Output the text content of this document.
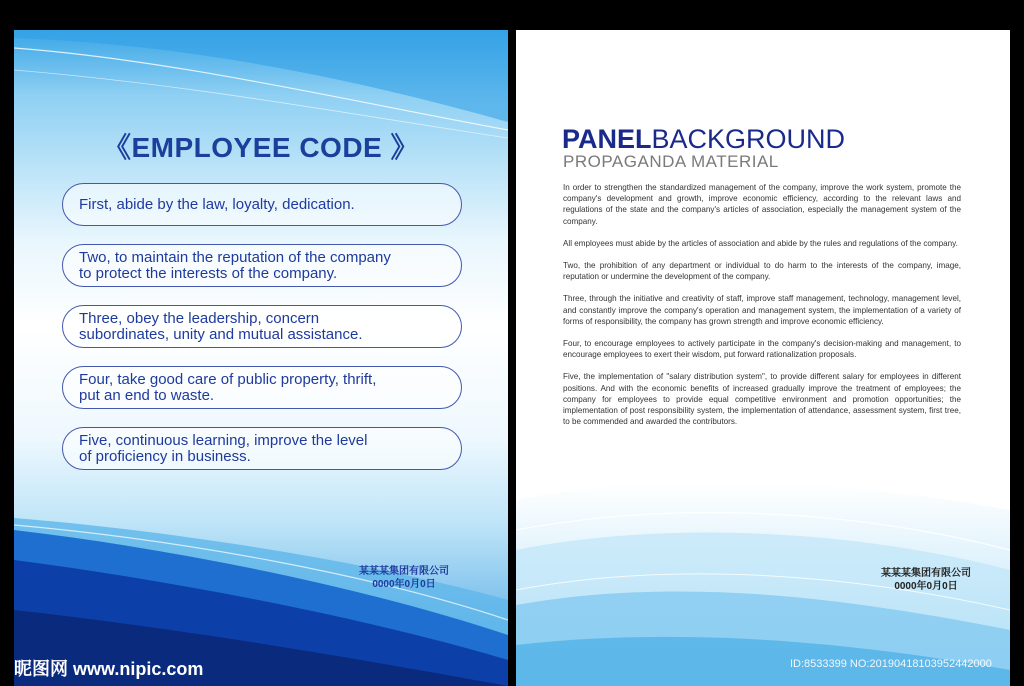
《EMPLOYEE CODE 》
First, abide by the law, loyalty, dedication.
Two, to maintain the reputation of the company
to protect the interests of the company.
Three, obey the leadership, concern
subordinates, unity and mutual assistance.
Four, take good care of public property, thrift,
put an end to waste.
Five, continuous learning, improve the level
of proficiency in business.
某某某集团有限公司
0000年0月0日
PANELBACKGROUND
PROPAGANDA MATERIAL

In order to strengthen the standardized management of the company, improve the work system, promote the company's development and growth, improve economic efficiency, according to the relevant laws and regulations of the state and the company's articles of association, especially the management system of the company.

All employees must abide by the articles of association and abide by the rules and regulations of the company.

Two, the prohibition of any department or individual to do harm to the interests of the company, image, reputation or undermine the development of the company.

Three, through the initiative and creativity of staff, improve staff management, technology, management level, and constantly improve the company's operation and management system, the implementation of a variety of forms of responsibility, the company has grown strength and improve economic efficiency.

Four, to encourage employees to actively participate in the company's decision-making and management, to encourage employees to exert their wisdom, put forward rationalization proposals.

Five, the implementation of "salary distribution system", to provide different salary for employees in different positions. And with the economic benefits of increased gradually improve the treatment of employees; the company for employees to provide equal competitive environment and promotion opportunities; the implementation of post responsibility system, the implementation of attendance, assessment system, first tree, to be commended and awarded the contributors.

某某某集团有限公司
0000年0月0日
昵图网 www.nipic.com	ID:8533399 NO:20190418103952442000
